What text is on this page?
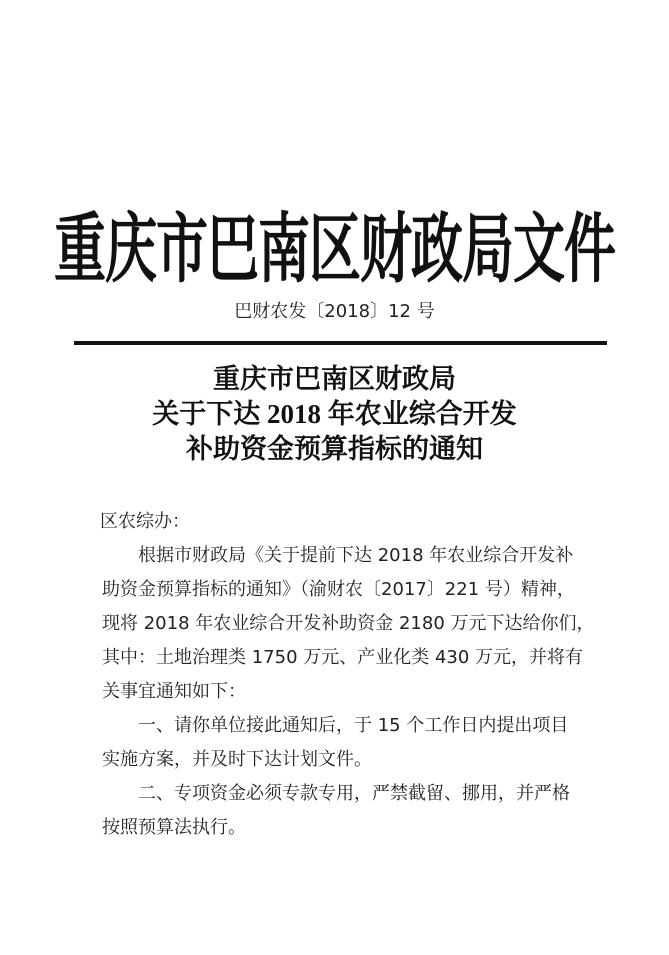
重庆市巴南区财政局文件
巴财农发〔2018〕12 号
重庆市巴南区财政局
关于下达 2018 年农业综合开发
补助资金预算指标的通知
区农综办：
根据市财政局《关于提前下达 2018 年农业综合开发补
助资金预算指标的通知》（渝财农〔2017〕221 号）精神，
现将 2018 年农业综合开发补助资金 2180 万元下达给你们，
其中：土地治理类 1750 万元、产业化类 430 万元，并将有
关事宜通知如下：
一、请你单位接此通知后，于 15 个工作日内提出项目
实施方案，并及时下达计划文件。
二、专项资金必须专款专用，严禁截留、挪用，并严格
按照预算法执行。
